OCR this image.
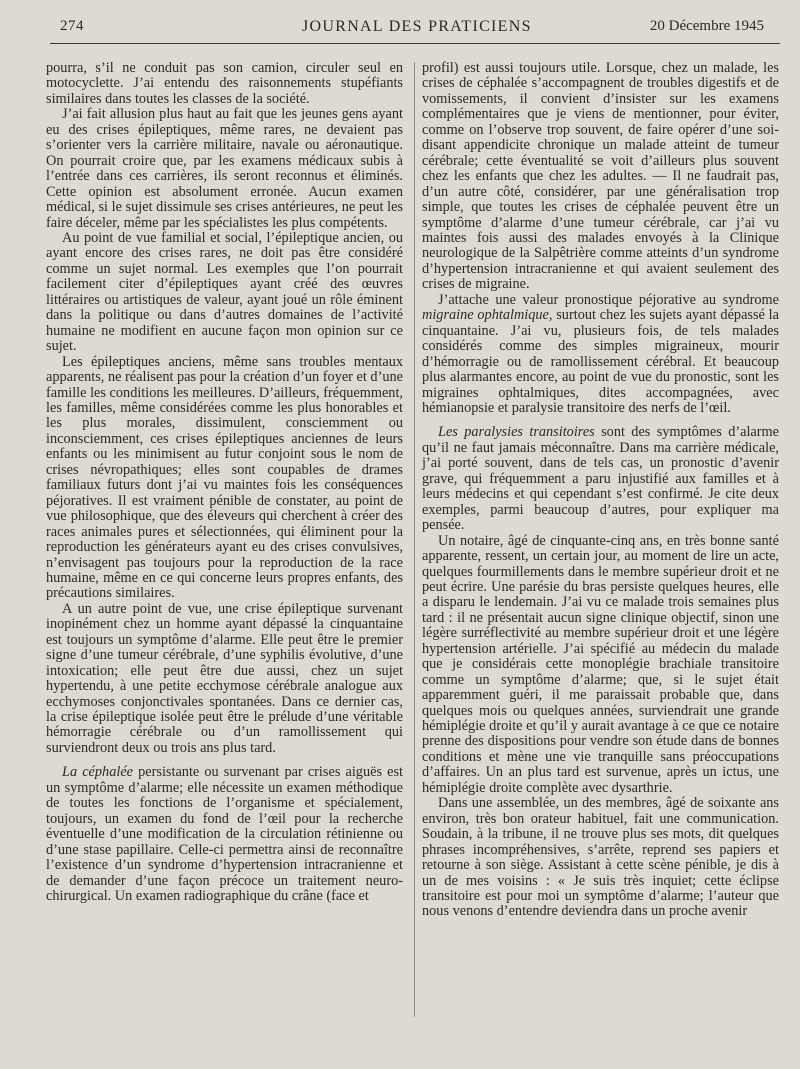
274	JOURNAL DES PRATICIENS	20 Décembre 1945

pourra, s’il ne conduit pas son camion, circuler seul en motocyclette. J’ai entendu des raisonnements stupéfiants similaires dans toutes les classes de la société.

J’ai fait allusion plus haut au fait que les jeunes gens ayant eu des crises épileptiques, même rares, ne devaient pas s’orienter vers la carrière militaire, navale ou aéronautique. On pourrait croire que, par les examens médicaux subis à l’entrée dans ces carrières, ils seront reconnus et éliminés. Cette opinion est absolument erronée. Aucun examen médical, si le sujet dissimule ses crises antérieures, ne peut les faire déceler, même par les spécialistes les plus compétents.

Au point de vue familial et social, l’épileptique ancien, ou ayant encore des crises rares, ne doit pas être considéré comme un sujet normal. Les exemples que l’on pourrait facilement citer d’épileptiques ayant créé des œuvres littéraires ou artistiques de valeur, ayant joué un rôle éminent dans la politique ou dans d’autres domaines de l’activité humaine ne modifient en aucune façon mon opinion sur ce sujet.

Les épileptiques anciens, même sans troubles mentaux apparents, ne réalisent pas pour la création d’un foyer et d’une famille les conditions les meilleures. D’ailleurs, fréquemment, les familles, même considérées comme les plus honorables et les plus morales, dissimulent, consciemment ou inconsciemment, ces crises épileptiques anciennes de leurs enfants ou les minimisent au futur conjoint sous le nom de crises névropathiques; elles sont coupables de drames familiaux futurs dont j’ai vu maintes fois les conséquences péjoratives. Il est vraiment pénible de constater, au point de vue philosophique, que des éleveurs qui cherchent à créer des races animales pures et sélectionnées, qui éliminent pour la reproduction les générateurs ayant eu des crises convulsives, n’envisagent pas toujours pour la reproduction de la race humaine, même en ce qui concerne leurs propres enfants, des précautions similaires.

A un autre point de vue, une crise épileptique survenant inopinément chez un homme ayant dépassé la cinquantaine est toujours un symptôme d’alarme. Elle peut être le premier signe d’une tumeur cérébrale, d’une syphilis évolutive, d’une intoxication; elle peut être due aussi, chez un sujet hypertendu, à une petite ecchymose cérébrale analogue aux ecchymoses conjonctivales spontanées. Dans ce dernier cas, la crise épileptique isolée peut être le prélude d’une véritable hémorragie cérébrale ou d’un ramollissement qui surviendront deux ou trois ans plus tard.

La céphalée persistante ou survenant par crises aiguës est un symptôme d’alarme; elle nécessite un examen méthodique de toutes les fonctions de l’organisme et spécialement, toujours, un examen du fond de l’œil pour la recherche éventuelle d’une modification de la circulation rétinienne ou d’une stase papillaire. Celle-ci permettra ainsi de reconnaître l’existence d’un syndrome d’hypertension intracranienne et de demander d’une façon précoce un traitement neuro-chirurgical. Un examen radiographique du crâne (face et

profil) est aussi toujours utile. Lorsque, chez un malade, les crises de céphalée s’accompagnent de troubles digestifs et de vomissements, il convient d’insister sur les examens complémentaires que je viens de mentionner, pour éviter, comme on l’observe trop souvent, de faire opérer d’une soi-disant appendicite chronique un malade atteint de tumeur cérébrale; cette éventualité se voit d’ailleurs plus souvent chez les enfants que chez les adultes. — Il ne faudrait pas, d’un autre côté, considérer, par une généralisation trop simple, que toutes les crises de céphalée peuvent être un symptôme d’alarme d’une tumeur cérébrale, car j’ai vu maintes fois aussi des malades envoyés à la Clinique neurologique de la Salpêtrière comme atteints d’un syndrome d’hypertension intracranienne et qui avaient seulement des crises de migraine.

J’attache une valeur pronostique péjorative au syndrome migraine ophtalmique, surtout chez les sujets ayant dépassé la cinquantaine. J’ai vu, plusieurs fois, de tels malades considérés comme des simples migraineux, mourir d’hémorragie ou de ramollissement cérébral. Et beaucoup plus alarmantes encore, au point de vue du pronostic, sont les migraines ophtalmiques, dites accompagnées, avec hémianopsie et paralysie transitoire des nerfs de l’œil.

Les paralysies transitoires sont des symptômes d’alarme qu’il ne faut jamais méconnaître. Dans ma carrière médicale, j’ai porté souvent, dans de tels cas, un pronostic d’avenir grave, qui fréquemment a paru injustifié aux familles et à leurs médecins et qui cependant s’est confirmé. Je cite deux exemples, parmi beaucoup d’autres, pour expliquer ma pensée.

Un notaire, âgé de cinquante-cinq ans, en très bonne santé apparente, ressent, un certain jour, au moment de lire un acte, quelques fourmillements dans le membre supérieur droit et ne peut écrire. Une parésie du bras persiste quelques heures, elle a disparu le lendemain. J’ai vu ce malade trois semaines plus tard : il ne présentait aucun signe clinique objectif, sinon une légère surréflectivité au membre supérieur droit et une légère hypertension artérielle. J’ai spécifié au médecin du malade que je considérais cette monoplégie brachiale transitoire comme un symptôme d’alarme; que, si le sujet était apparemment guéri, il me paraissait probable que, dans quelques mois ou quelques années, surviendrait une grande hémiplégie droite et qu’il y aurait avantage à ce que ce notaire prenne des dispositions pour vendre son étude dans de bonnes conditions et mène une vie tranquille sans préoccupations d’affaires. Un an plus tard est survenue, après un ictus, une hémiplégie droite complète avec dysarthrie.

Dans une assemblée, un des membres, âgé de soixante ans environ, très bon orateur habituel, fait une communication. Soudain, à la tribune, il ne trouve plus ses mots, dit quelques phrases incompréhensives, s’arrête, reprend ses papiers et retourne à son siège. Assistant à cette scène pénible, je dis à un de mes voisins : « Je suis très inquiet; cette éclipse transitoire est pour moi un symptôme d’alarme; l’auteur que nous venons d’entendre deviendra dans un proche avenir
